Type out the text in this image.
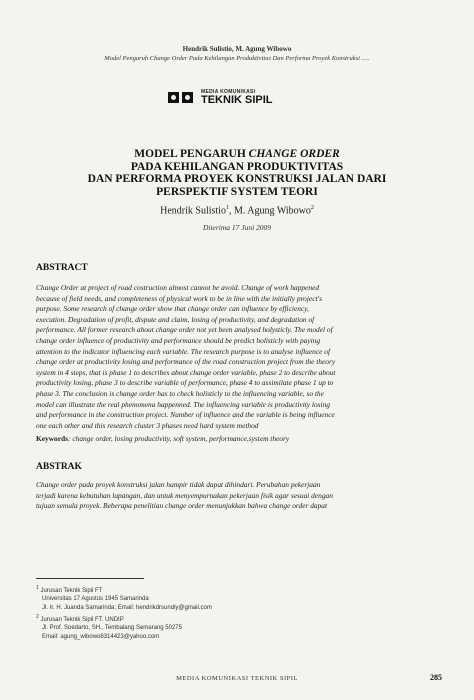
Hendrik Sulistio, M. Agung Wibowo
Model Pengaruh Change Order Pada Kehilangan Produktivitas Dan Performa Proyek Konstruksi .....
MEDIA KOMUNIKASI
TEKNIK SIPIL
MODEL PENGARUH CHANGE ORDER
PADA KEHILANGAN PRODUKTIVITAS
DAN PERFORMA PROYEK KONSTRUKSI JALAN DARI
PERSPEKTIF SYSTEM TEORI
Hendrik Sulistio$^1$, M. Agung Wibowo$^2$
Diterima 17 Juni 2009
ABSTRACT
Change Order at project of road costruction almost cannot be avoid. Change of work happened
because of field needs, and completeness of physical work to be in line with the initially project's
purpose. Some research of change order show that change order can influence by efficiency,
execution. Degradation of profit, dispute and claim, losing of productivity, and degradation of
performance. All former research about change order not yet been analysed holysticly. The model of
change order influence of productivity and performance should be predict holisticly with paying
attention to the indicator influencing each variable. The research purpose is to analyse influence of
change order at productivity losing and performance of the road construction project from the theory
system in 4 steps, that is phase 1 to describes about change order variable, phase 2 to describe about
productivity losing, phase 3 to describe variable of performance, phase 4 to assimilate phase 1 up to
phase 3. The conclusion is change order has to check holisticly to the influencing variable, so the
model can illustrate the real phenomena happenned. The influencing variable is productivity losing
and performance in the construction project. Number of influence and the variable is being influence
one each other and this research cluster 3 phases need hard system method
Keywords: change order, losing productivity, soft system, performance,system theory
ABSTRAK
Change order pada proyek konstruksi jalan hampir tidak dapat dihindari. Perubahan pekerjaan
terjadi karena kebutuhan lapangan, dan untuk menyempurnakan pekerjaan fisik agar sesuai dengan
tujuan semula proyek. Beberapa penelitian change order menunjukkan bahwa change order dapat
$^1$ Jurusan Teknik Sipil FT
Universitas 17 Agustus 1945 Samarinda
Jl. Ir. H. Juanda Samarinda; Email: hendrikdrsundiy@gmail.com
$^2$ Jurusan Teknik Sipil FT. UNDIP
Jl. Prof. Soedarto, SH., Tembalang Semarang 50275
Email: agung_wibowo8314423@yahoo.com
MEDIA KOMUNIKASI TEKNIK SIPIL	285
